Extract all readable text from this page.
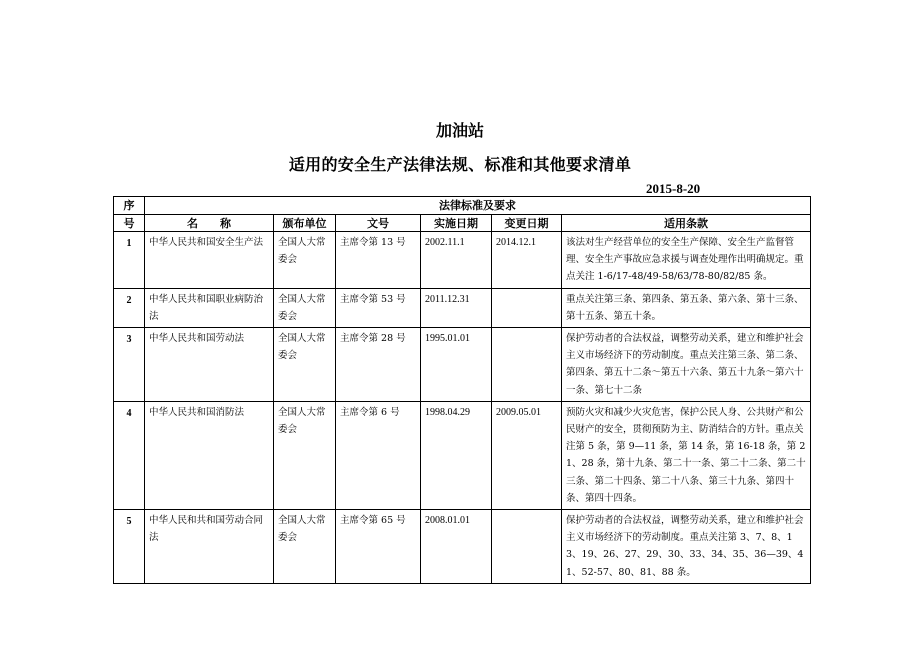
加油站
适用的安全生产法律法规、标准和其他要求清单
2015-8-20
序	法律标准及要求					
号	名　　称	颁布单位	文号	实施日期	变更日期	适用条款
1	中华人民共和国安全生产法	全国人大常委会	主席令第 13 号	2002.11.1	2014.12.1	该法对生产经营单位的安全生产保障、安全生产监督管理、安全生产事故应急求援与调查处理作出明确规定。重点关注 1-6/17-48/49-58/63/78-80/82/85 条。
2	中华人民共和国职业病防治法	全国人大常委会	主席令第 53 号	2011.12.31		重点关注第三条、第四条、第五条、第六条、第十三条、第十五条、第五十条。
3	中华人民共和国劳动法	全国人大常委会	主席令第 28 号	1995.01.01		保护劳动者的合法权益，调整劳动关系，建立和维护社会主义市场经济下的劳动制度。重点关注第三条、第二条、第四条、第五十二条～第五十六条、第五十九条～第六十一条、第七十二条
4	中华人民共和国消防法	全国人大常委会	主席令第 6 号	1998.04.29	2009.05.01	预防火灾和减少火灾危害，保护公民人身、公共财产和公民财产的安全，贯彻预防为主、防消结合的方针。重点关注第 5 条，第 9—11 条，第 14 条，第 16-18 条，第 21、28 条，第十九条、第二十一条、第二十二条、第二十三条、第二十四条、第二十八条、第三十九条、第四十条、第四十四条。
5	中华人民和共和国劳动合同法	全国人大常委会	主席令第 65 号	2008.01.01		保护劳动者的合法权益，调整劳动关系，建立和维护社会主义市场经济下的劳动制度。重点关注第 3、7、8、13、19、26、27、29、30、33、34、35、36—39、41、52-57、80、81、88 条。
